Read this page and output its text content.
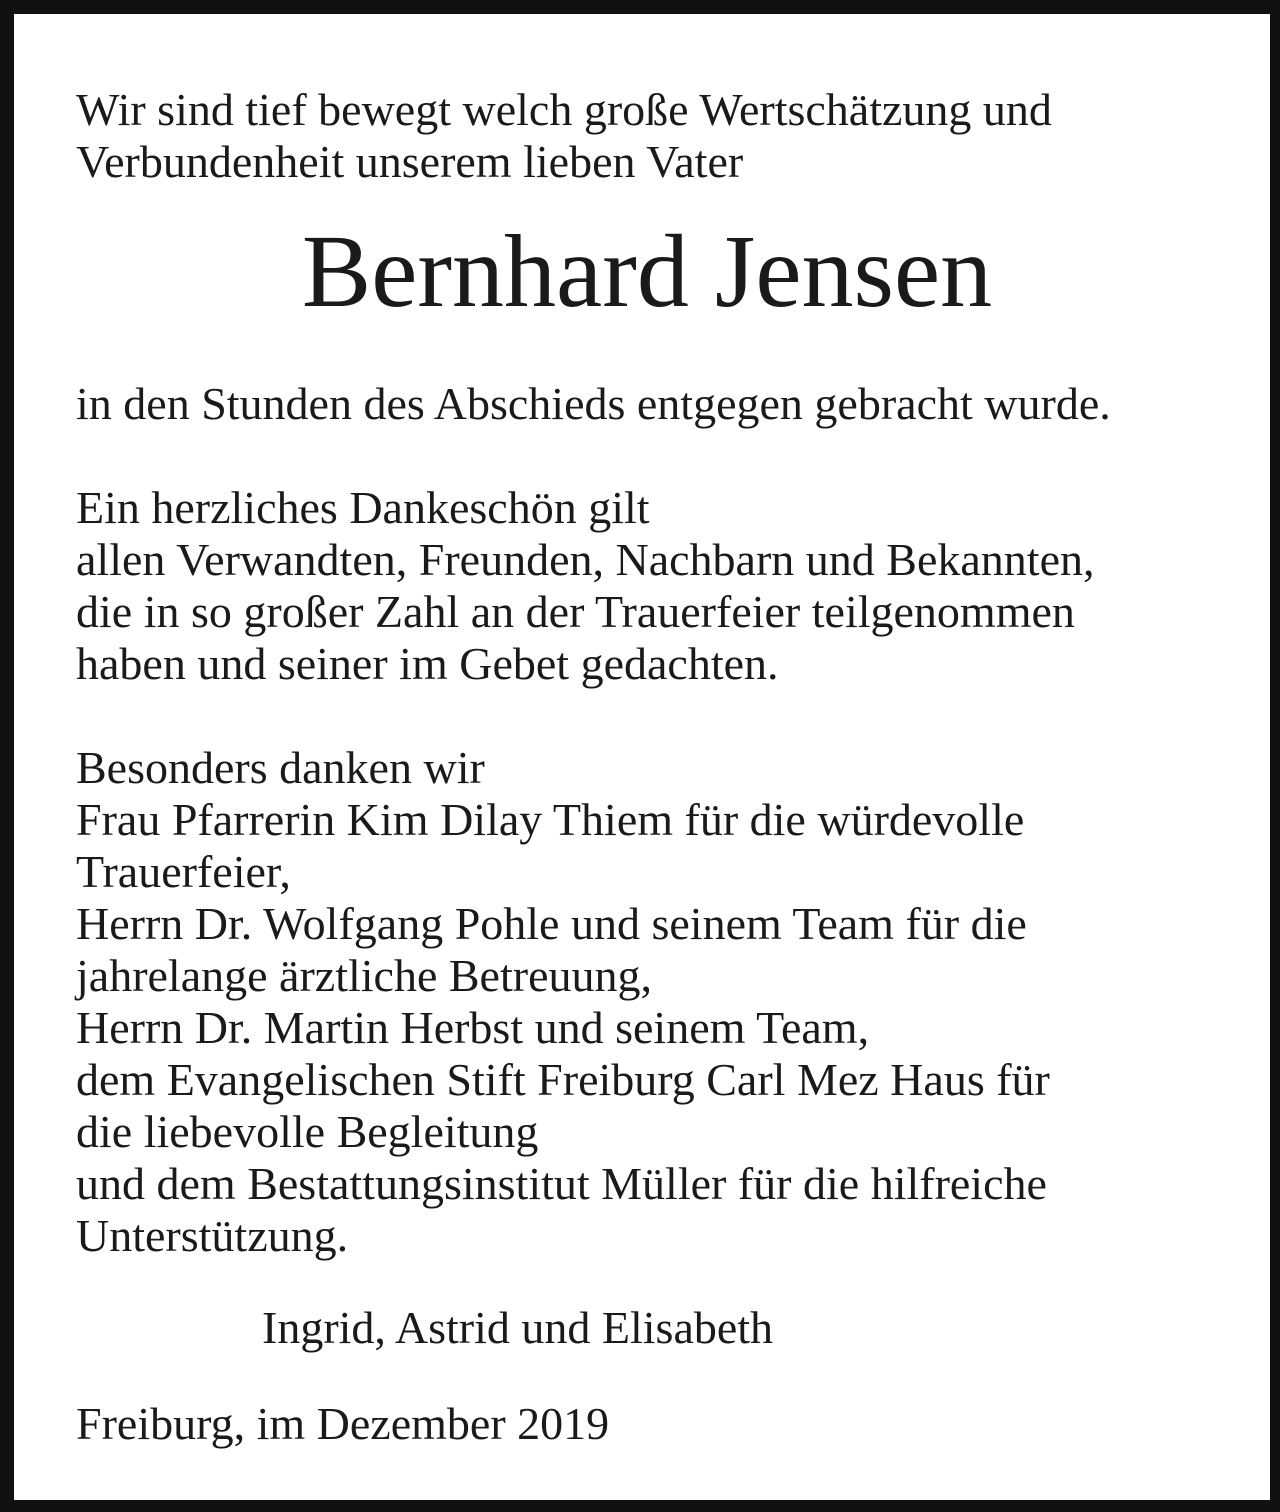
Wir sind tief bewegt welch große Wertschätzung und
Verbundenheit unserem lieben Vater
Bernhard Jensen
in den Stunden des Abschieds entgegen gebracht wurde.
Ein herzliches Dankeschön gilt
allen Verwandten, Freunden, Nachbarn und Bekannten,
die in so großer Zahl an der Trauerfeier teilgenommen
haben und seiner im Gebet gedachten.
Besonders danken wir
Frau Pfarrerin Kim Dilay Thiem für die würdevolle
Trauerfeier,
Herrn Dr. Wolfgang Pohle und seinem Team für die
jahrelange ärztliche Betreuung,
Herrn Dr. Martin Herbst und seinem Team,
dem Evangelischen Stift Freiburg Carl Mez Haus für
die liebevolle Begleitung
und dem Bestattungsinstitut Müller für die hilfreiche
Unterstützung.
Ingrid, Astrid und Elisabeth
Freiburg, im Dezember 2019
